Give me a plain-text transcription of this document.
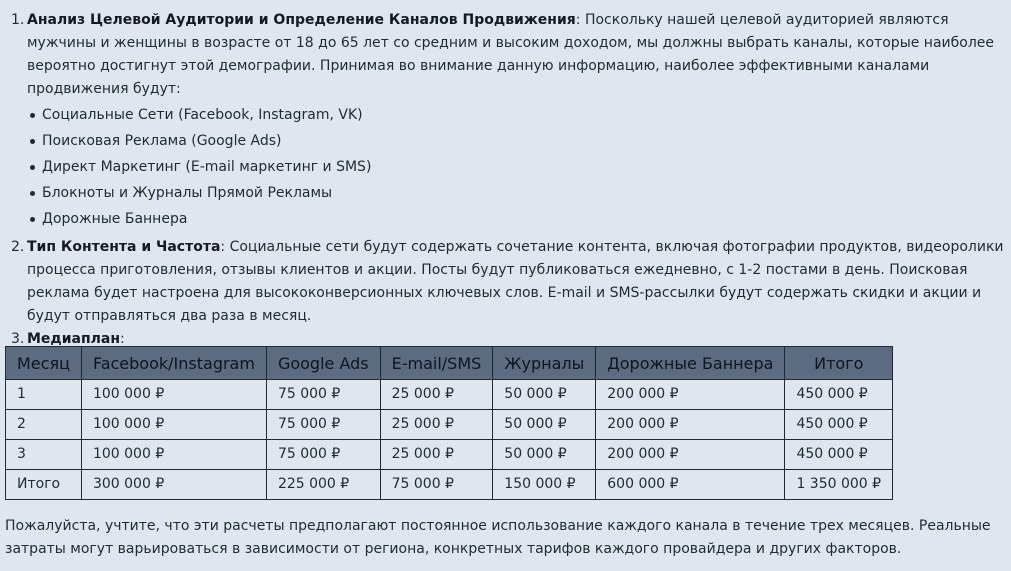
1. Анализ Целевой Аудитории и Определение Каналов Продвижения: Поскольку нашей целевой аудиторией являются мужчины и женщины в возрасте от 18 до 65 лет со средним и высоким доходом, мы должны выбрать каналы, которые наиболее вероятно достигнут этой демографии. Принимая во внимание данную информацию, наиболее эффективными каналами продвижения будут:
Социальные Сети (Facebook, Instagram, VK)
Поисковая Реклама (Google Ads)
Директ Маркетинг (E-mail маркетинг и SMS)
Блокноты и Журналы Прямой Рекламы
Дорожные Баннера
2. Тип Контента и Частота: Социальные сети будут содержать сочетание контента, включая фотографии продуктов, видеоролики процесса приготовления, отзывы клиентов и акции. Посты будут публиковаться ежедневно, с 1-2 постами в день. Поисковая реклама будет настроена для высококонверсионных ключевых слов. E-mail и SMS-рассылки будут содержать скидки и акции и будут отправляться два раза в месяц.
3. Медиаплан:
Месяц	Facebook/Instagram	Google Ads	E-mail/SMS	Журналы	Дорожные Баннера	Итого
1	100 000 ₽	75 000 ₽	25 000 ₽	50 000 ₽	200 000 ₽	450 000 ₽
2	100 000 ₽	75 000 ₽	25 000 ₽	50 000 ₽	200 000 ₽	450 000 ₽
3	100 000 ₽	75 000 ₽	25 000 ₽	50 000 ₽	200 000 ₽	450 000 ₽
Итого	300 000 ₽	225 000 ₽	75 000 ₽	150 000 ₽	600 000 ₽	1 350 000 ₽
Пожалуйста, учтите, что эти расчеты предполагают постоянное использование каждого канала в течение трех месяцев. Реальные затраты могут варьироваться в зависимости от региона, конкретных тарифов каждого провайдера и других факторов.
